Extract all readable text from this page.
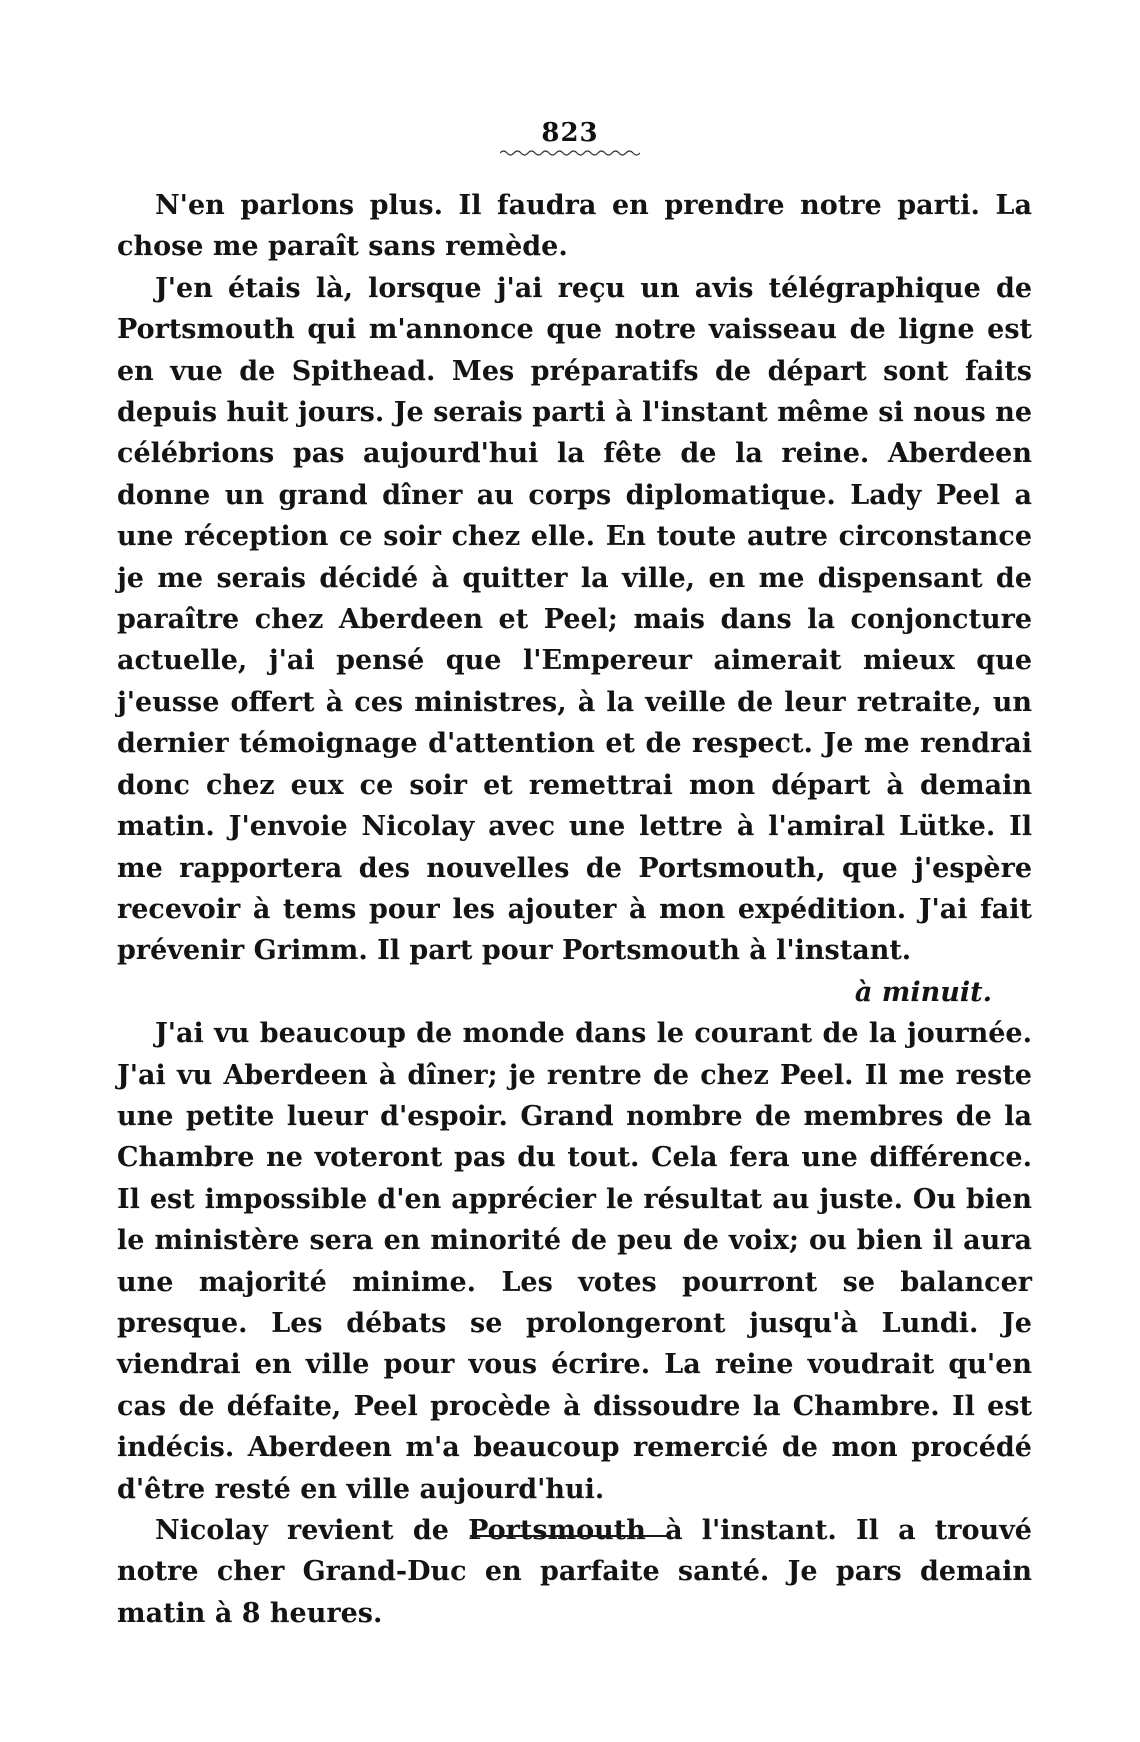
823

N'en parlons plus. Il faudra en prendre notre parti. La chose me paraît sans remède.

J'en étais là, lorsque j'ai reçu un avis télégraphique de Portsmouth qui m'annonce que notre vaisseau de ligne est en vue de Spithead. Mes préparatifs de départ sont faits depuis huit jours. Je serais parti à l'instant même si nous ne célébrions pas aujourd'hui la fête de la reine. Aberdeen donne un grand dîner au corps diplomatique. Lady Peel a une réception ce soir chez elle. En toute autre circonstance je me serais décidé à quitter la ville, en me dispensant de paraître chez Aberdeen et Peel; mais dans la conjoncture actuelle, j'ai pensé que l'Empereur aimerait mieux que j'eusse offert à ces ministres, à la veille de leur retraite, un dernier témoignage d'attention et de respect. Je me rendrai donc chez eux ce soir et remettrai mon départ à demain matin. J'envoie Nicolay avec une lettre à l'amiral Lütke. Il me rapportera des nouvelles de Portsmouth, que j'espère recevoir à tems pour les ajouter à mon expédition. J'ai fait prévenir Grimm. Il part pour Portsmouth à l'instant.

à minuit.

J'ai vu beaucoup de monde dans le courant de la journée. J'ai vu Aberdeen à dîner; je rentre de chez Peel. Il me reste une petite lueur d'espoir. Grand nombre de membres de la Chambre ne voteront pas du tout. Cela fera une différence. Il est impossible d'en apprécier le résultat au juste. Ou bien le ministère sera en minorité de peu de voix; ou bien il aura une majorité minime. Les votes pourront se balancer presque. Les débats se prolongeront jusqu'à Lundi. Je viendrai en ville pour vous écrire. La reine voudrait qu'en cas de défaite, Peel procède à dissoudre la Chambre. Il est indécis. Aberdeen m'a beaucoup remercié de mon procédé d'être resté en ville aujourd'hui.

Nicolay revient de Portsmouth à l'instant. Il a trouvé notre cher Grand-Duc en parfaite santé. Je pars demain matin à 8 heures.
